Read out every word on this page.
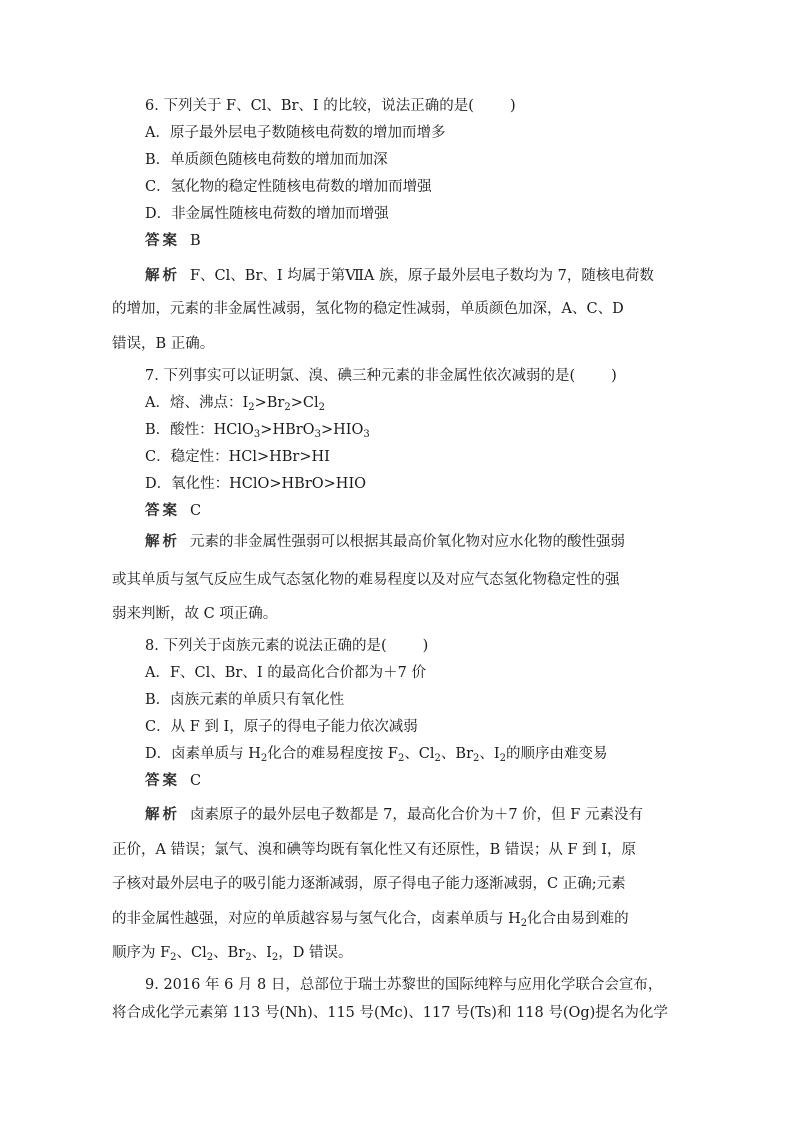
6. 下列关于 F、Cl、Br、I 的比较，说法正确的是( )
A．原子最外层电子数随核电荷数的增加而增多
B．单质颜色随核电荷数的增加而加深
C．氢化物的稳定性随核电荷数的增加而增强
D．非金属性随核电荷数的增加而增强
答案 B
解析 F、Cl、Br、I 均属于第ⅦA 族，原子最外层电子数均为 7，随核电荷数
的增加，元素的非金属性减弱，氢化物的稳定性减弱，单质颜色加深，A、C、D
错误，B 正确。
7. 下列事实可以证明氯、溴、碘三种元素的非金属性依次减弱的是( )
A．熔、沸点：$I_2>Br_2>Cl_2$
B．酸性：$HClO_3>HBrO_3>HIO_3$
C．稳定性：HCl>HBr>HI
D．氧化性：HClO>HBrO>HIO
答案 C
解析 元素的非金属性强弱可以根据其最高价氧化物对应水化物的酸性强弱
或其单质与氢气反应生成气态氢化物的难易程度以及对应气态氢化物稳定性的强
弱来判断，故 C 项正确。
8. 下列关于卤族元素的说法正确的是( )
A．F、Cl、Br、I 的最高化合价都为＋7 价
B．卤族元素的单质只有氧化性
C．从 F 到 I，原子的得电子能力依次减弱
D．卤素单质与 $H_2$化合的难易程度按 $F_2$、$Cl_2$、$Br_2$、$I_2$的顺序由难变易
答案 C
解析 卤素原子的最外层电子数都是 7，最高化合价为＋7 价，但 F 元素没有
正价，A 错误；氯气、溴和碘等均既有氧化性又有还原性，B 错误；从 F 到 I，原
子核对最外层电子的吸引能力逐渐减弱，原子得电子能力逐渐减弱，C 正确;元素
的非金属性越强，对应的单质越容易与氢气化合，卤素单质与 $H_2$化合由易到难的
顺序为 $F_2$、$Cl_2$、$Br_2$、$I_2$，D 错误。
9. 2016 年 6 月 8 日，总部位于瑞士苏黎世的国际纯粹与应用化学联合会宣布，
将合成化学元素第 113 号(Nh)、115 号(Mc)、117 号(Ts)和 118 号(Og)提名为化学
